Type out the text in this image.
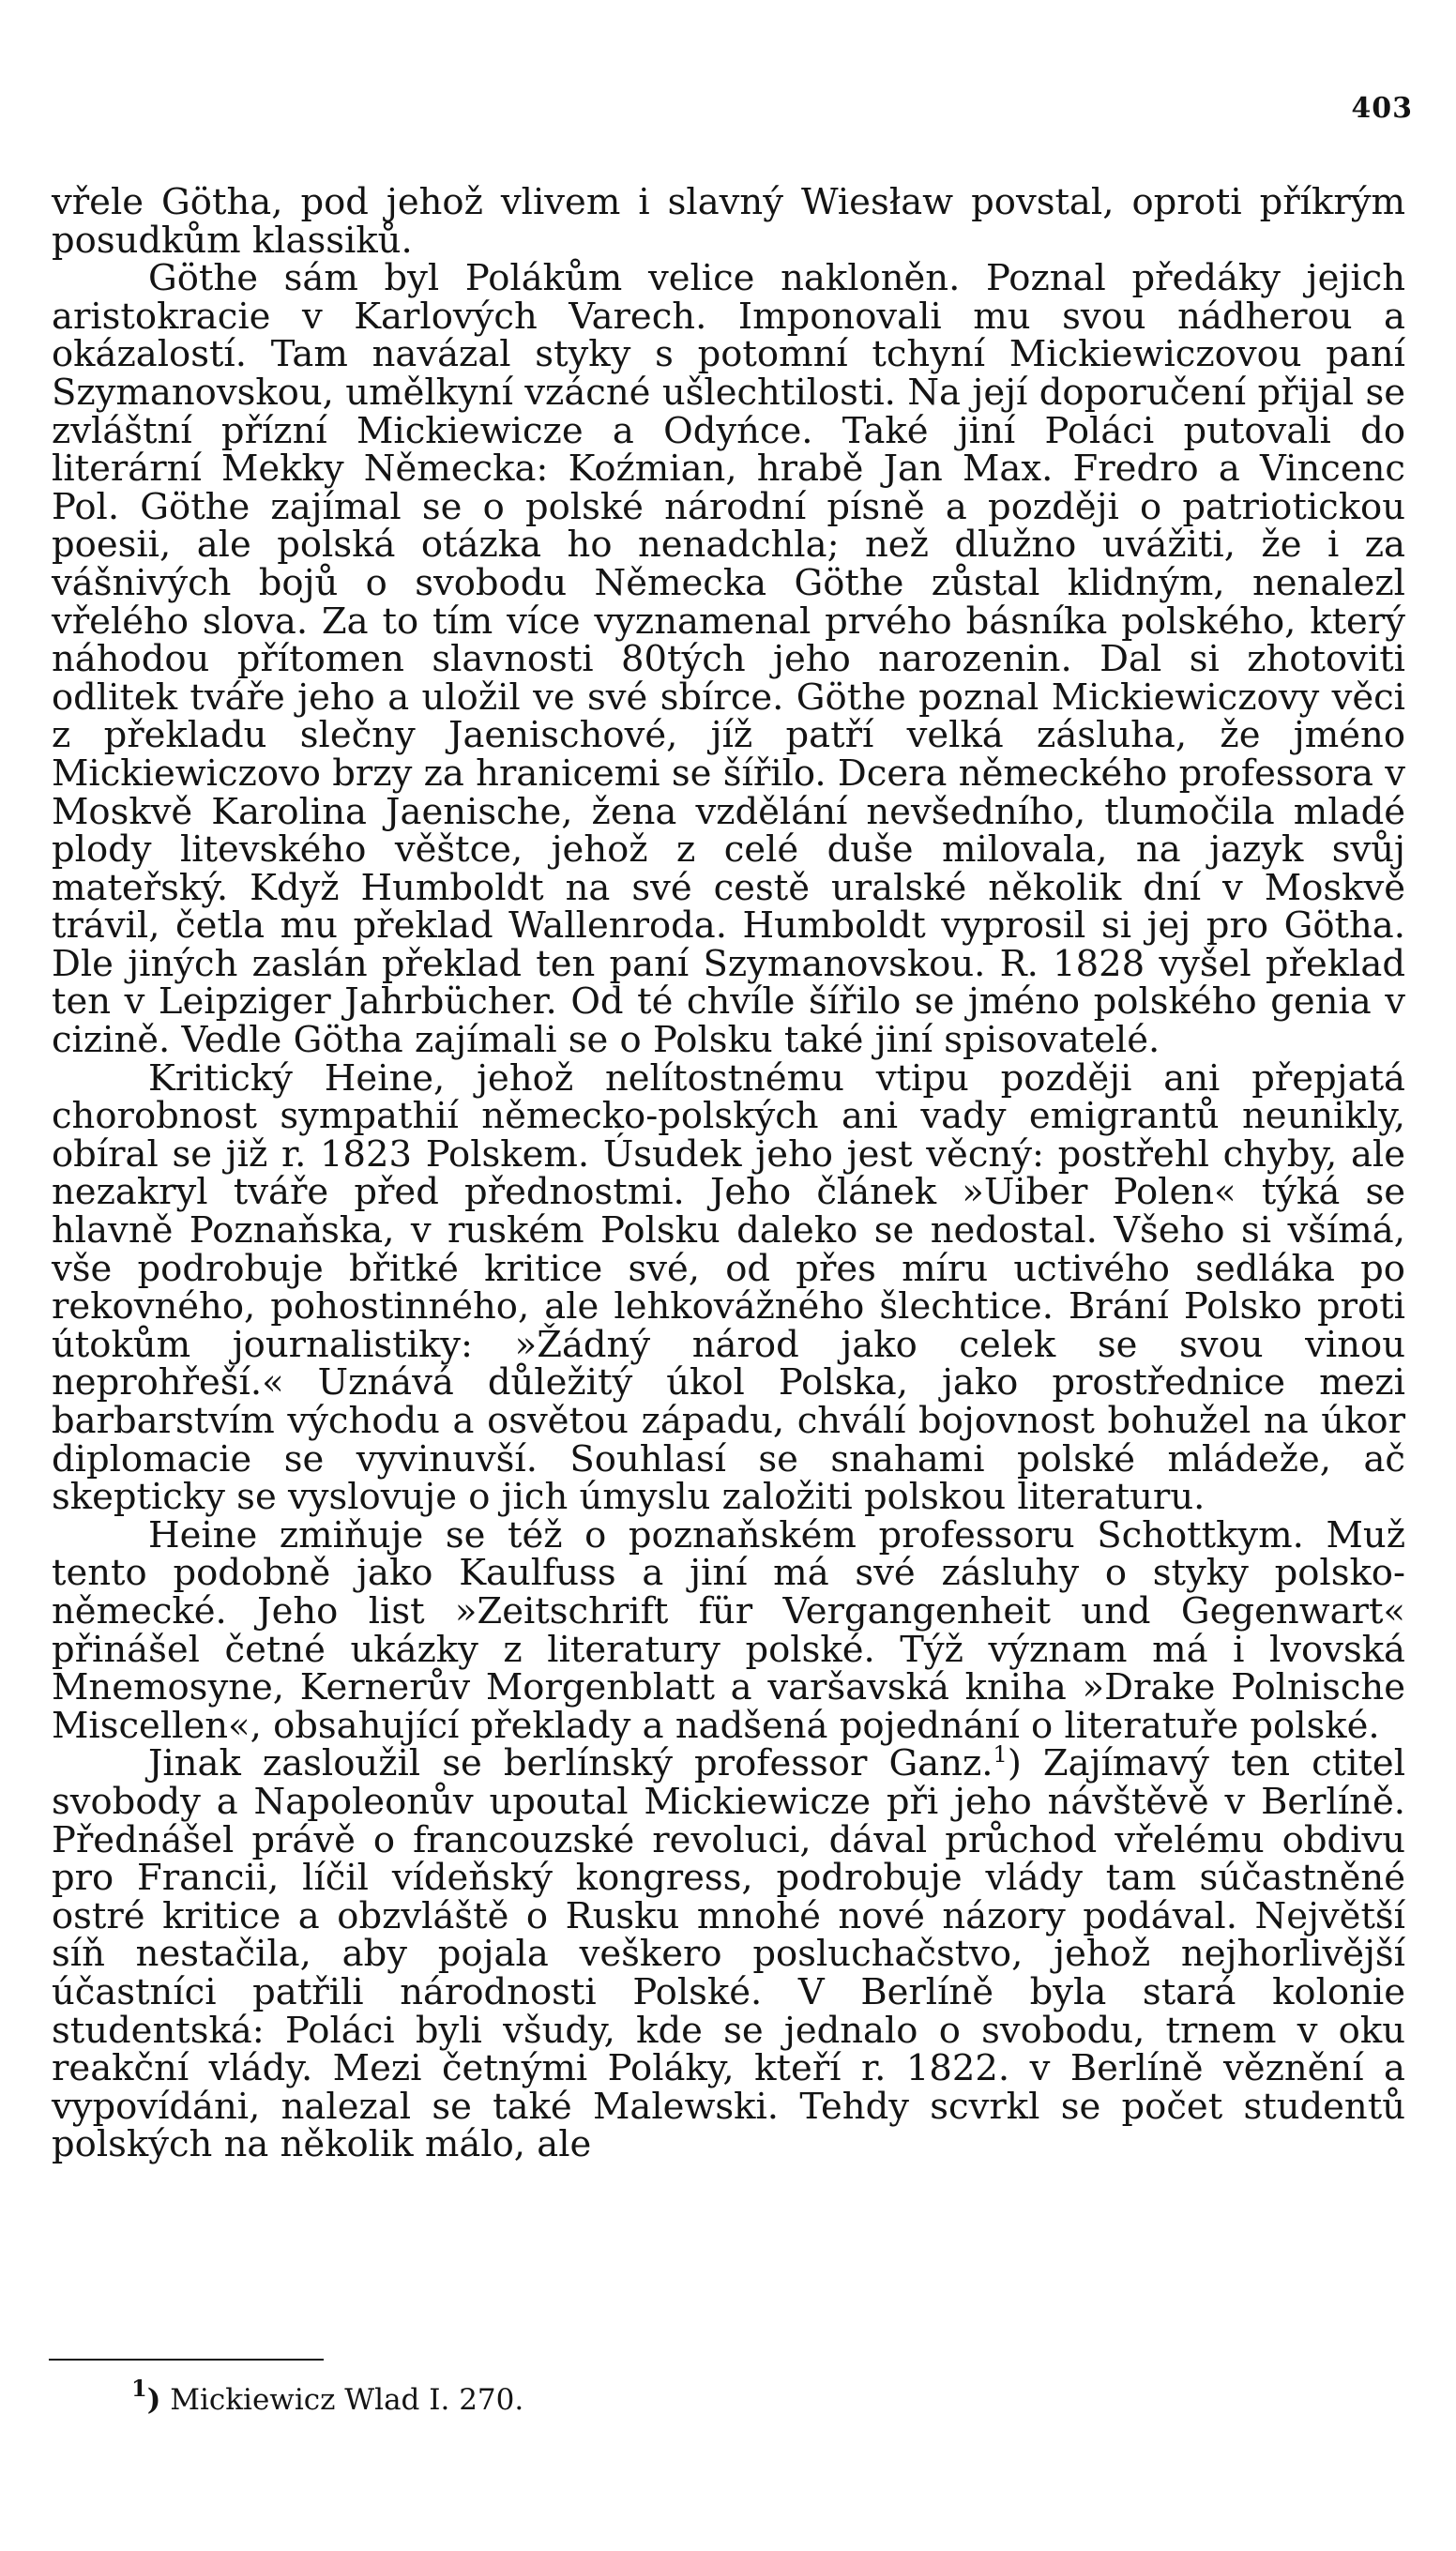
403

vřele Götha, pod jehož vlivem i slavný Wiesław povstal, oproti příkrým posudkům klassiků.

Göthe sám byl Polákům velice nakloněn. Poznal předáky jejich aristokracie v Karlových Varech. Imponovali mu svou nádherou a okázalostí. Tam navázal styky s potomní tchyní Mickiewiczovou paní Szymanovskou, umělkyní vzácné ušlechtilosti. Na její doporučení přijal se zvláštní přízní Mickiewicze a Odyńce. Také jiní Poláci putovali do literární Mekky Německa: Koźmian, hrabě Jan Max. Fredro a Vincenc Pol. Göthe zajímal se o polské národní písně a později o patriotickou poesii, ale polská otázka ho nenadchla; než dlužno uvážiti, že i za vášnivých bojů o svobodu Německa Göthe zůstal klidným, nenalezl vřelého slova. Za to tím více vyznamenal prvého básníka polského, který náhodou přítomen slavnosti 80tých jeho narozenin. Dal si zhotoviti odlitek tváře jeho a uložil ve své sbírce. Göthe poznal Mickiewiczovy věci z překladu slečny Jaenischové, jíž patří velká zásluha, že jméno Mickiewiczovo brzy za hranicemi se šířilo. Dcera německého professora v Moskvě Karolina Jaenische, žena vzdělání nevšedního, tlumočila mladé plody litevského věštce, jehož z celé duše milovala, na jazyk svůj mateřský. Když Humboldt na své cestě uralské několik dní v Moskvě trávil, četla mu překlad Wallenroda. Humboldt vyprosil si jej pro Götha. Dle jiných zaslán překlad ten paní Szymanovskou. R. 1828 vyšel překlad ten v Leipziger Jahrbücher. Od té chvíle šířilo se jméno polského genia v cizině. Vedle Götha zajímali se o Polsku také jiní spisovatelé.

Kritický Heine, jehož nelítostnému vtipu později ani přepjatá chorobnost sympathií německo-polských ani vady emigrantů neunikly, obíral se již r. 1823 Polskem. Úsudek jeho jest věcný: postřehl chyby, ale nezakryl tváře před přednostmi. Jeho článek »Uiber Polen« týká se hlavně Poznaňska, v ruském Polsku daleko se nedostal. Všeho si všímá, vše podrobuje břitké kritice své, od přes míru uctivého sedláka po rekovného, pohostinného, ale lehkovážného šlechtice. Brání Polsko proti útokům journalistiky: »Žádný národ jako celek se svou vinou neprohřeší.« Uznává důležitý úkol Polska, jako prostřednice mezi barbarstvím východu a osvětou západu, chválí bojovnost bohužel na úkor diplomacie se vyvinuvší. Souhlasí se snahami polské mládeže, ač skepticky se vyslovuje o jich úmyslu založiti polskou literaturu.

Heine zmiňuje se též o poznaňském professoru Schottkym. Muž tento podobně jako Kaulfuss a jiní má své zásluhy o styky polsko-německé. Jeho list »Zeitschrift für Vergangenheit und Gegenwart« přinášel četné ukázky z literatury polské. Týž význam má i lvovská Mnemosyne, Kernerův Morgenblatt a varšavská kniha »Drake Polnische Miscellen«, obsahující překlady a nadšená pojednání o literatuře polské.

Jinak zasloužil se berlínský professor Ganz.$^1$) Zajímavý ten ctitel svobody a Napoleonův upoutal Mickiewicze při jeho návštěvě v Berlíně. Přednášel právě o francouzské revoluci, dával průchod vřelému obdivu pro Francii, líčil vídeňský kongress, podrobuje vlády tam súčastněné ostré kritice a obzvláště o Rusku mnohé nové názory podával. Největší síň nestačila, aby pojala veškero posluchačstvo, jehož nejhorlivější účastníci patřili národnosti Polské. V Berlíně byla stará kolonie studentská: Poláci byli všudy, kde se jednalo o svobodu, trnem v oku reakční vlády. Mezi četnými Poláky, kteří r. 1822. v Berlíně věznění a vypovídáni, nalezal se také Malewski. Tehdy scvrkl se počet studentů polských na několik málo, ale

$^1$) Mickiewicz Wlad I. 270.
